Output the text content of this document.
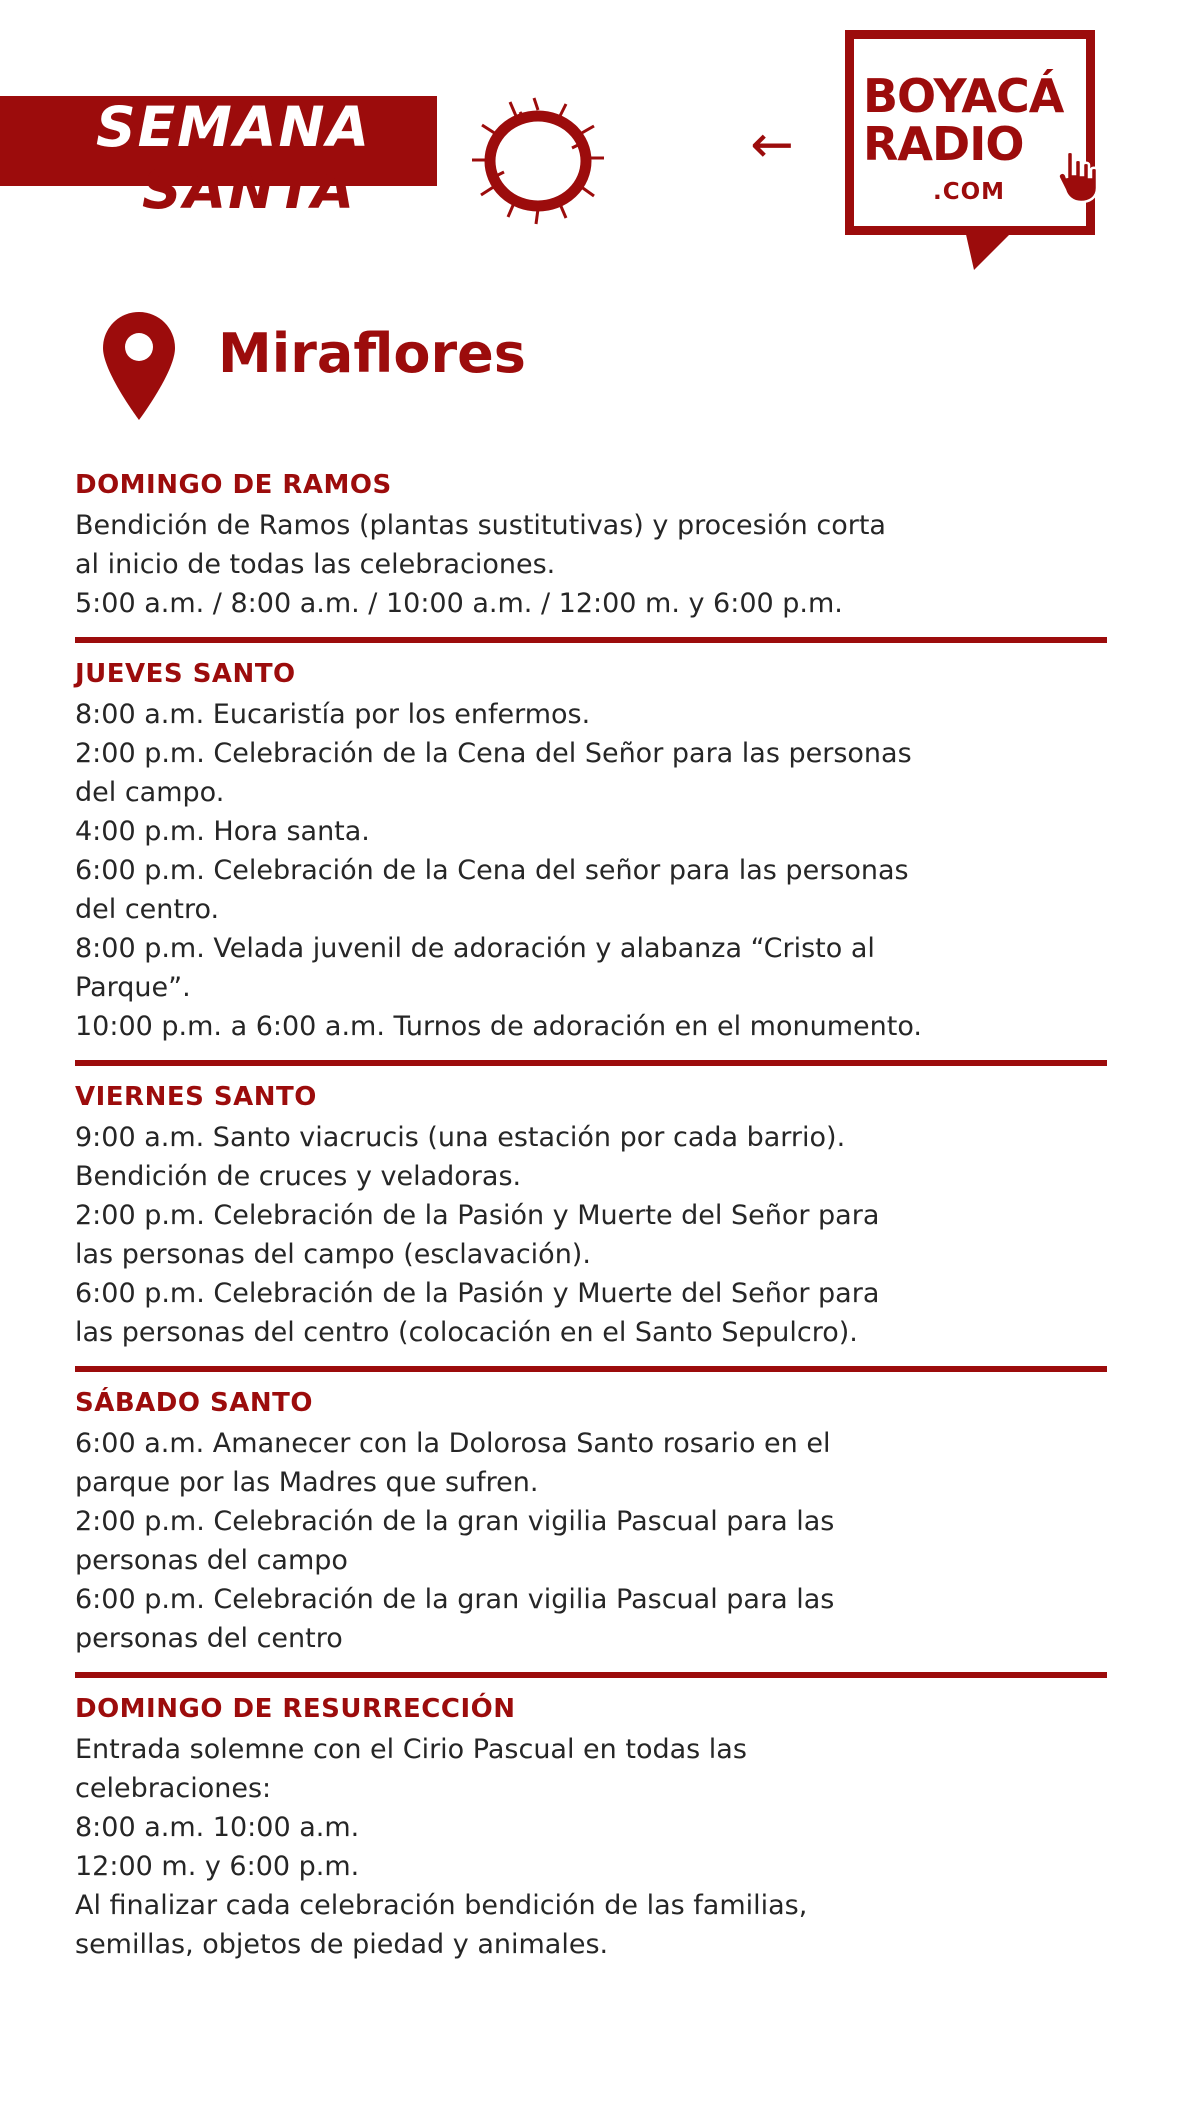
SEMANA
SANTA
←
BOYACÁ
RADIO
.COM
Miraflores
DOMINGO DE RAMOS
Bendición de Ramos (plantas sustitutivas) y procesión corta
al inicio de todas las celebraciones.
5:00 a.m. / 8:00 a.m. / 10:00 a.m. / 12:00 m. y 6:00 p.m.
JUEVES SANTO
8:00 a.m. Eucaristía por los enfermos.
2:00 p.m. Celebración de la Cena del Señor para las personas
del campo.
4:00 p.m. Hora santa.
6:00 p.m. Celebración de la Cena del señor para las personas
del centro.
8:00 p.m. Velada juvenil de adoración y alabanza “Cristo al
Parque”.
10:00 p.m. a 6:00 a.m. Turnos de adoración en el monumento.
VIERNES SANTO
9:00 a.m. Santo viacrucis (una estación por cada barrio).
Bendición de cruces y veladoras.
2:00 p.m. Celebración de la Pasión y Muerte del Señor para
las personas del campo (esclavación).
6:00 p.m. Celebración de la Pasión y Muerte del Señor para
las personas del centro (colocación en el Santo Sepulcro).
SÁBADO SANTO
6:00 a.m. Amanecer con la Dolorosa Santo rosario en el
parque por las Madres que sufren.
2:00 p.m. Celebración de la gran vigilia Pascual para las
personas del campo
6:00 p.m. Celebración de la gran vigilia Pascual para las
personas del centro
DOMINGO DE RESURRECCIÓN
Entrada solemne con el Cirio Pascual en todas las
celebraciones:
8:00 a.m. 10:00 a.m.
12:00 m. y 6:00 p.m.
Al finalizar cada celebración bendición de las familias,
semillas, objetos de piedad y animales.
